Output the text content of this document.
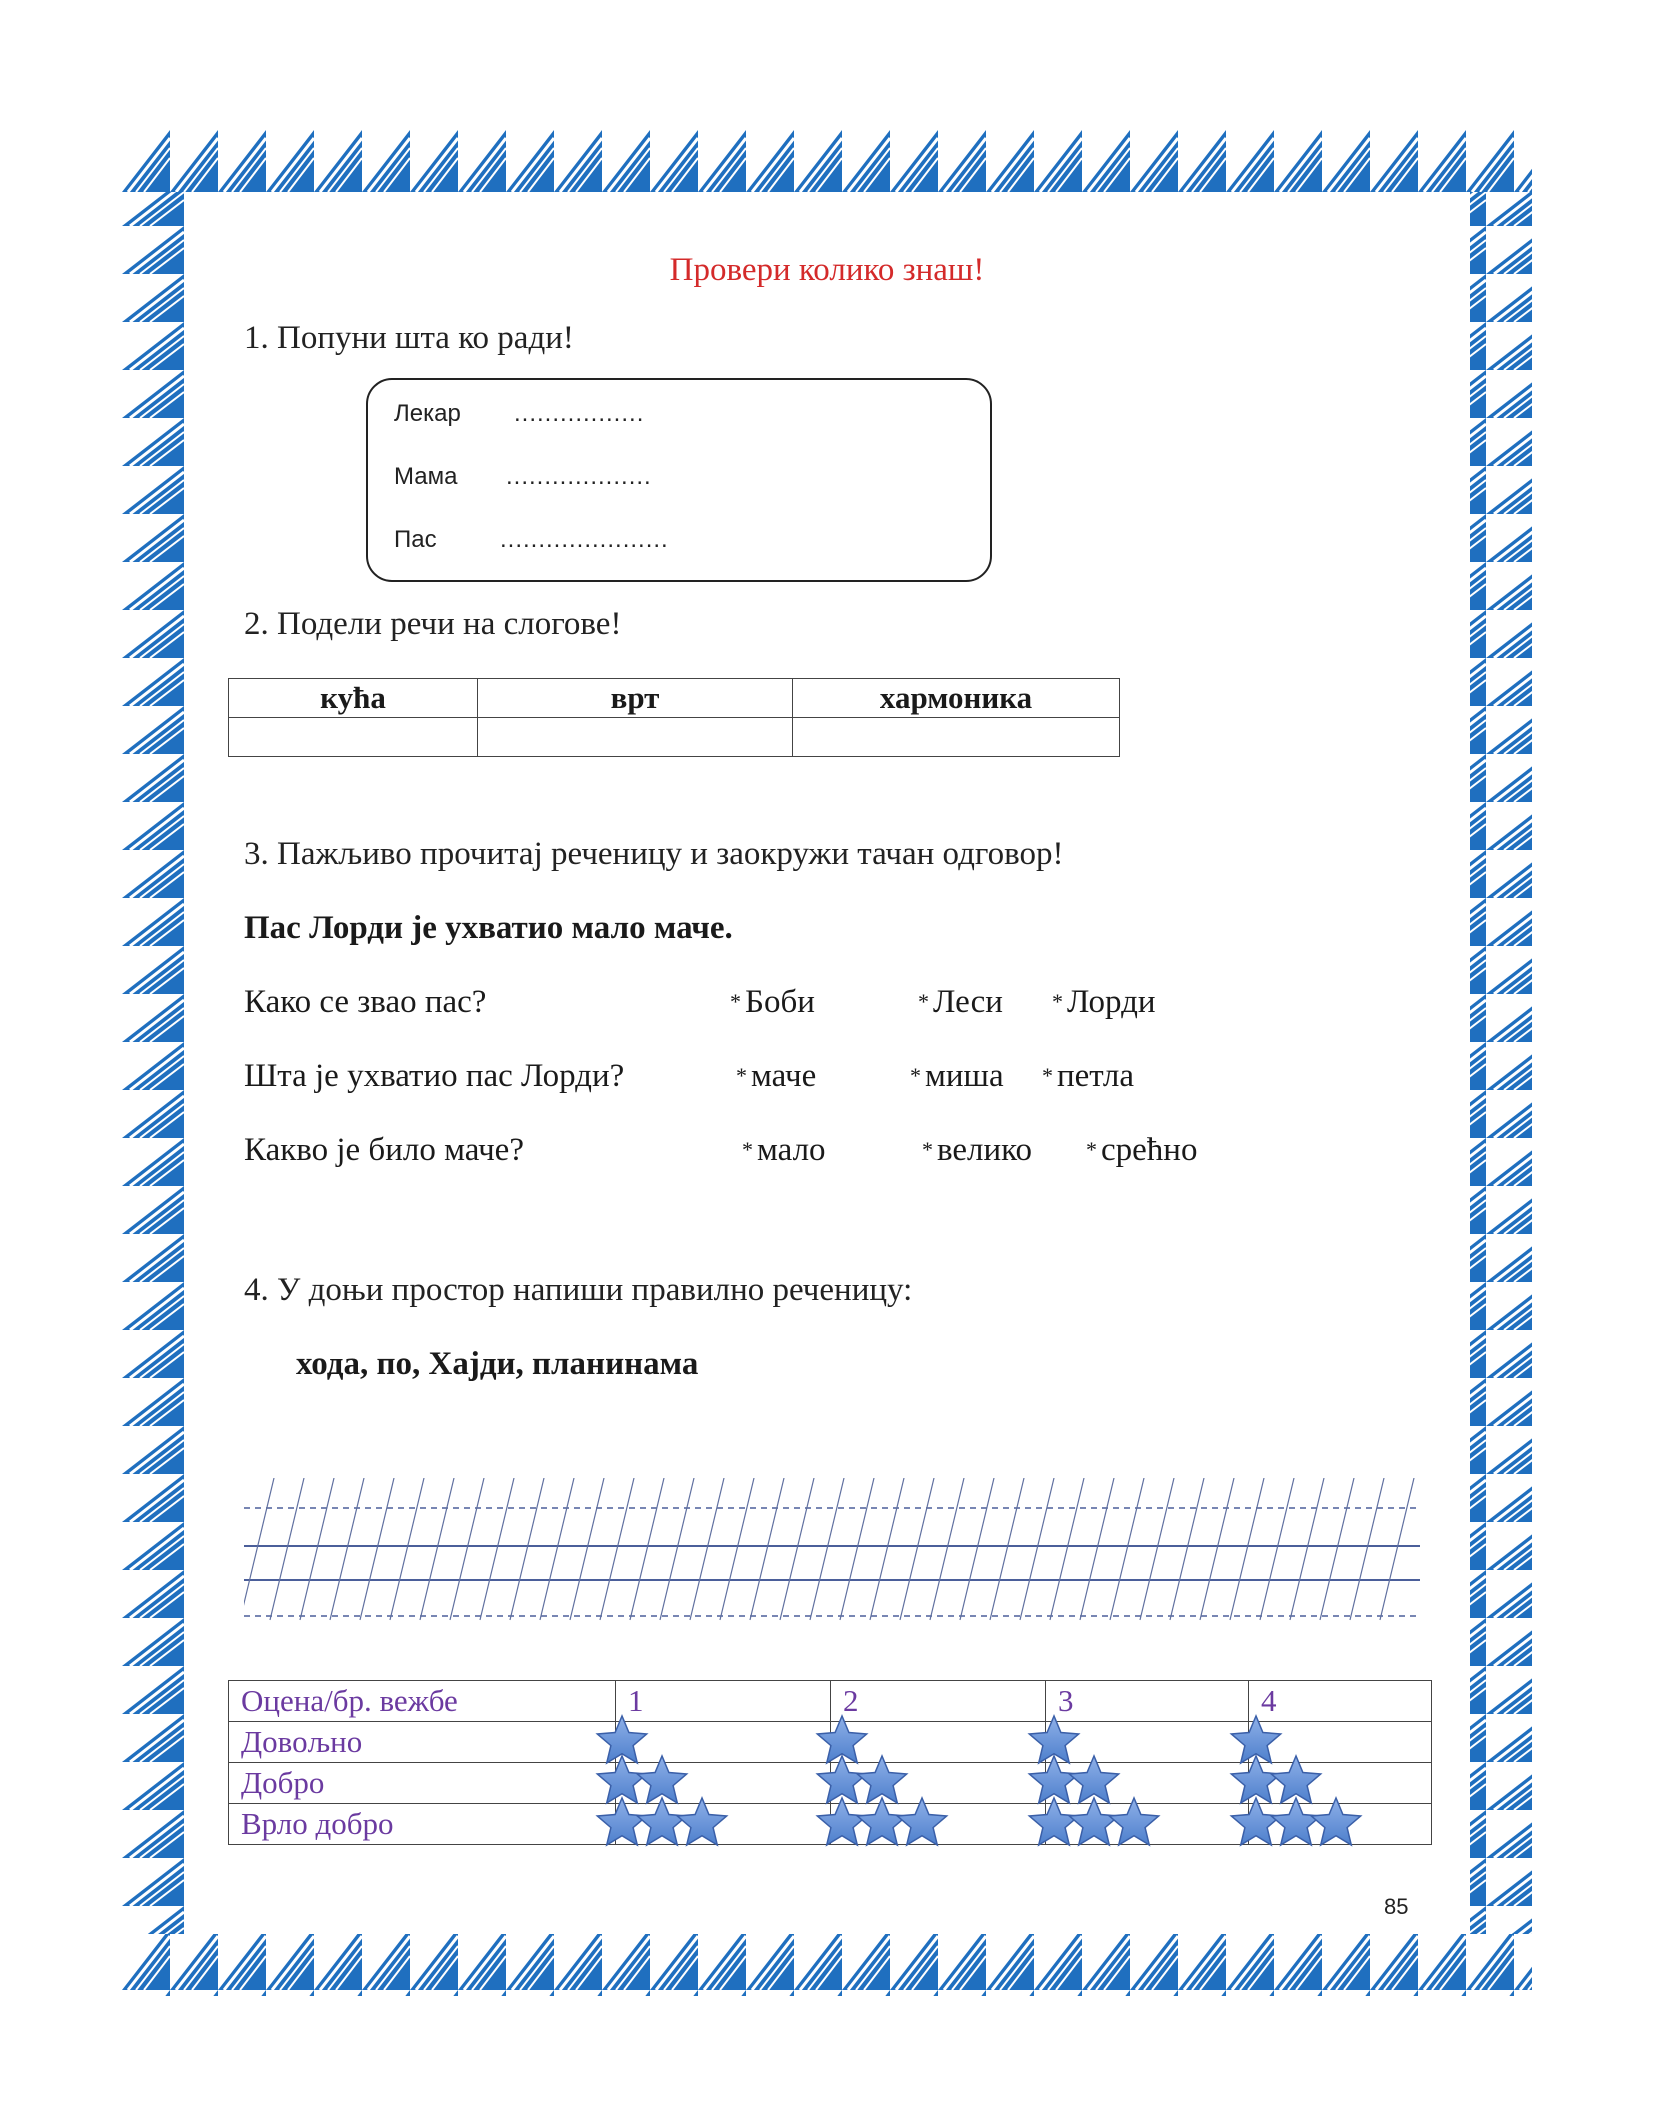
Провери колико знаш!
1. Попуни шта ко ради!
Лекар .................
Мама ...................
Пас	......................
2. Подели речи на слогове!
кућа	врт	хармоника

3. Пажљиво прочитај реченицу и заокружи тачан одговор!
Пас Лорди је ухватио мало маче.
Како се звао пас?	* Боби	* Леси * Лорди
Шта је ухватио пас Лорди?	* маче	* миша * петла
Какво је било маче?	* мало	* велико * срећно
4. У доњи простор напиши правилно реченицу:
хода, по, Хајди, планинама
Оцена/бр. вежбе	1	2	3	4
Довољно				
Добро				
Врло добро				
85
